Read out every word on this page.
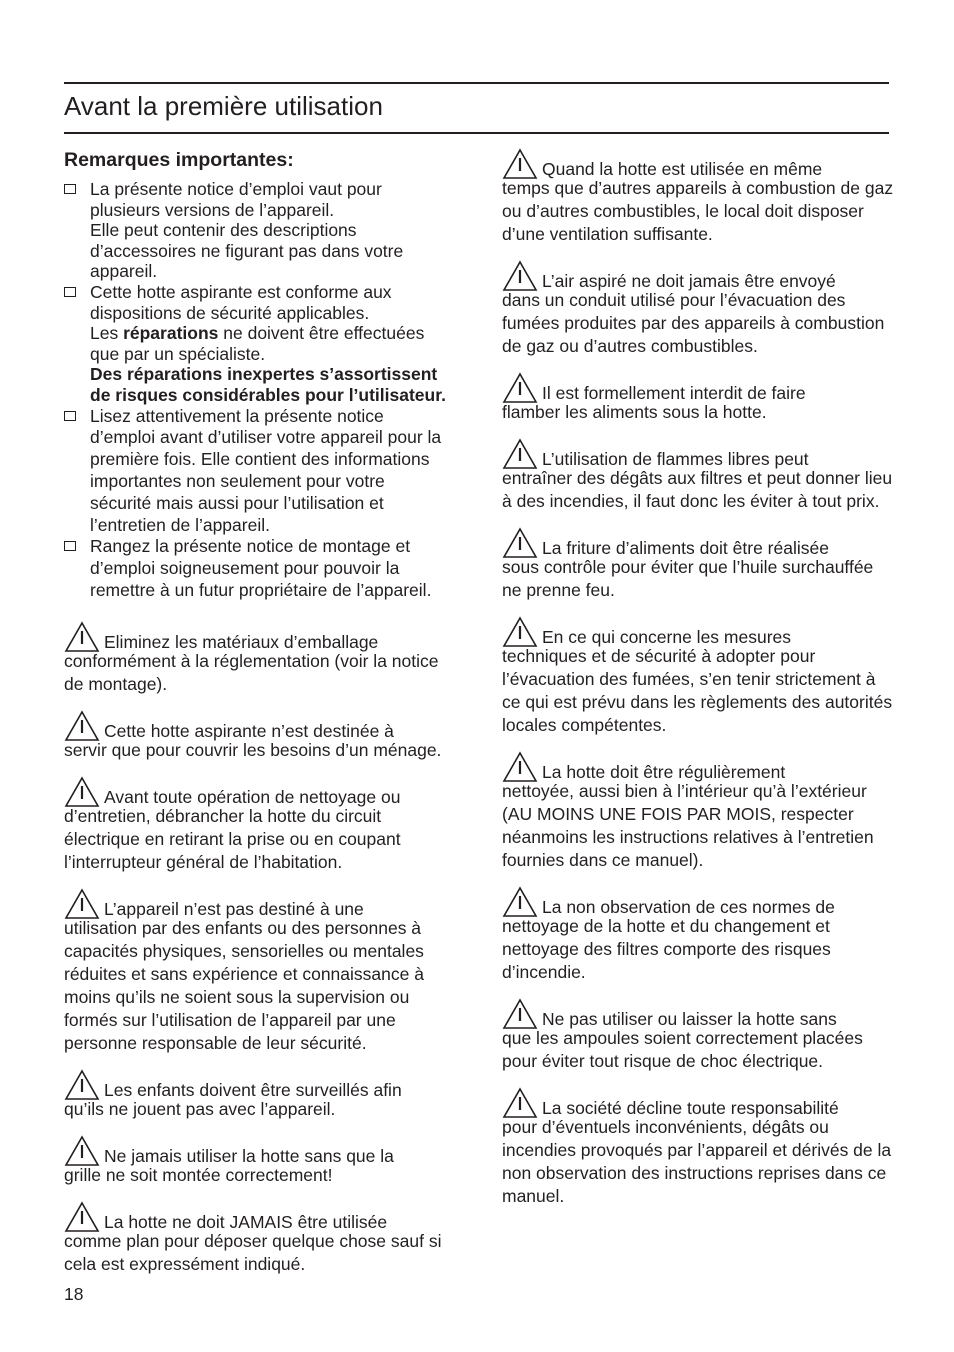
Avant la première utilisation
Remarques importantes:

La présente notice d’emploi vaut pour plusieurs versions de l’appareil.

Elle peut contenir des descriptions d’accessoires ne figurant pas dans votre appareil.

Cette hotte aspirante est conforme aux dispositions de sécurité applicables.

Les réparations ne doivent être effectuées que par un spécialiste.

Des réparations inexpertes s’assortissent de risques considérables pour l’utilisateur.

Lisez attentivement la présente notice d’emploi avant d’utiliser votre appareil pour la première fois. Elle contient des informations importantes non seulement pour votre sécurité mais aussi pour l’utilisation et l’entretien de l’appareil.

Rangez la présente notice de montage et d’emploi soigneusement pour pouvoir la remettre à un futur propriétaire de l’appareil.

Eliminez les matériaux d’emballage
conformément à la réglementation (voir la notice de montage).
Cette hotte aspirante n’est destinée à
servir que pour couvrir les besoins d’un ménage.
Avant toute opération de nettoyage ou
d’entretien, débrancher la hotte du circuit électrique en retirant la prise ou en coupant l’interrupteur général de l’habitation.
L’appareil n’est pas destiné à une
utilisation par des enfants ou des personnes à capacités physiques, sensorielles ou mentales réduites et sans expérience et connaissance à moins qu’ils ne soient sous la supervision ou formés sur l’utilisation de l’appareil par une personne responsable de leur sécurité.
Les enfants doivent être surveillés afin
qu’ils ne jouent pas avec l’appareil.
Ne jamais utiliser la hotte sans que la
grille ne soit montée correctement!
La hotte ne doit JAMAIS être utilisée
comme plan pour déposer quelque chose sauf si cela est expressément indiqué.
Quand la hotte est utilisée en même
temps que d’autres appareils à combustion de gaz ou d’autres combustibles, le local doit disposer d’une ventilation suffisante.
L’air aspiré ne doit jamais être envoyé
dans un conduit utilisé pour l’évacuation des fumées produites par des appareils à combustion de gaz ou d’autres combustibles.
Il est formellement interdit de faire
flamber les aliments sous la hotte.
L’utilisation de flammes libres peut
entraîner des dégâts aux filtres et peut donner lieu à des incendies, il faut donc les éviter à tout prix.
La friture d’aliments doit être réalisée
sous contrôle pour éviter que l’huile surchauffée ne prenne feu.
En ce qui concerne les mesures
techniques et de sécurité à adopter pour l’évacuation des fumées, s’en tenir strictement à ce qui est prévu dans les règlements des autorités locales compétentes.
La hotte doit être régulièrement
nettoyée, aussi bien à l’intérieur qu’à l’extérieur (AU MOINS UNE FOIS PAR MOIS, respecter néanmoins les instructions relatives à l’entretien fournies dans ce manuel).
La non observation de ces normes de
nettoyage de la hotte et du changement et nettoyage des filtres comporte des risques d’incendie.
Ne pas utiliser ou laisser la hotte sans
que les ampoules soient correctement placées pour éviter tout risque de choc électrique.
La société décline toute responsabilité
pour d’éventuels inconvénients, dégâts ou incendies provoqués par l’appareil et dérivés de la non observation des instructions reprises dans ce manuel.
18
